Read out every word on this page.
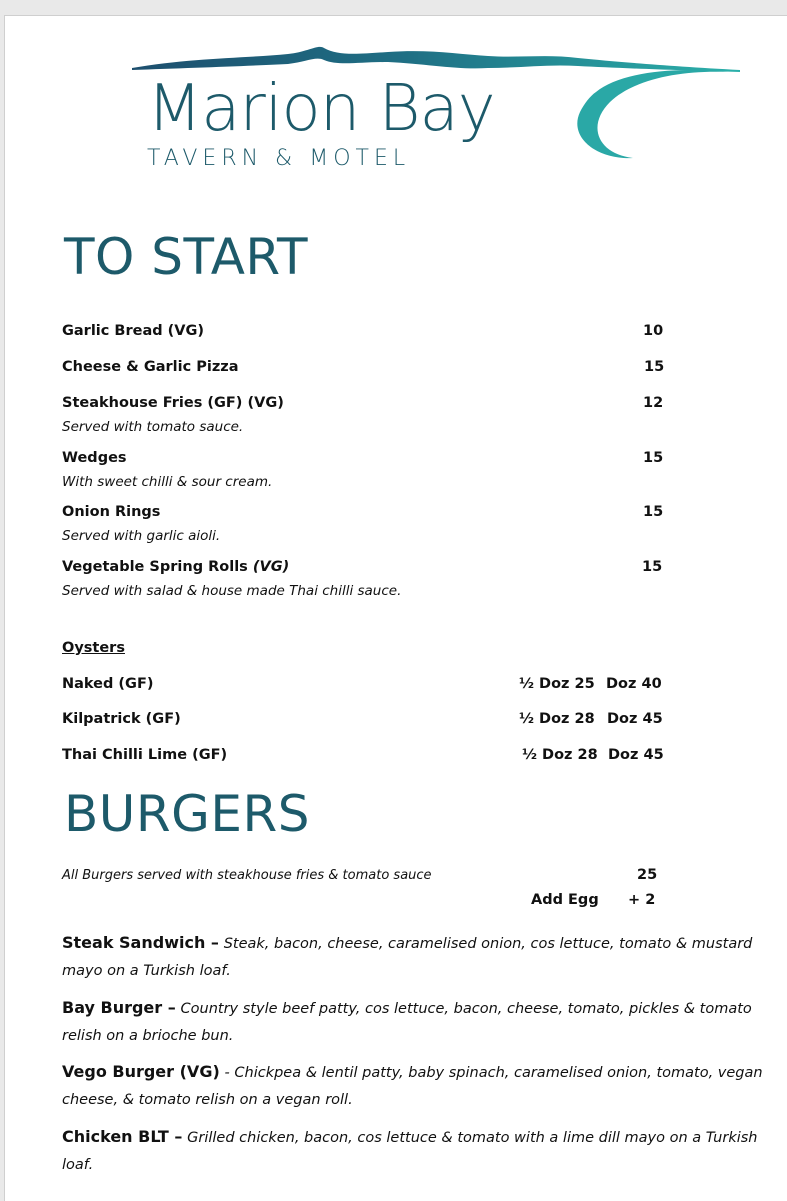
Marion Bay
TAVERN & MOTEL
TO START
Garlic Bread (VG)	10
Cheese & Garlic Pizza	15
Steakhouse Fries (GF) (VG)	12
Served with tomato sauce.
Wedges	15
With sweet chilli & sour cream.
Onion Rings	15
Served with garlic aioli.
Vegetable Spring Rolls (VG)	15
Served with salad & house made Thai chilli sauce.
Oysters
Naked (GF)	½ Doz 25 Doz 40
Kilpatrick (GF)	½ Doz 28 Doz 45
Thai Chilli Lime (GF)	½ Doz 28 Doz 45
BURGERS
All Burgers served with steakhouse fries & tomato sauce	25
Add Egg + 2
Steak Sandwich – Steak, bacon, cheese, caramelised onion, cos lettuce, tomato & mustard mayo on a Turkish loaf.
Bay Burger – Country style beef patty, cos lettuce, bacon, cheese, tomato, pickles & tomato relish on a brioche bun.
Vego Burger (VG) - Chickpea & lentil patty, baby spinach, caramelised onion, tomato, vegan cheese, & tomato relish on a vegan roll.
Chicken BLT – Grilled chicken, bacon, cos lettuce & tomato with a lime dill mayo on a Turkish loaf.
